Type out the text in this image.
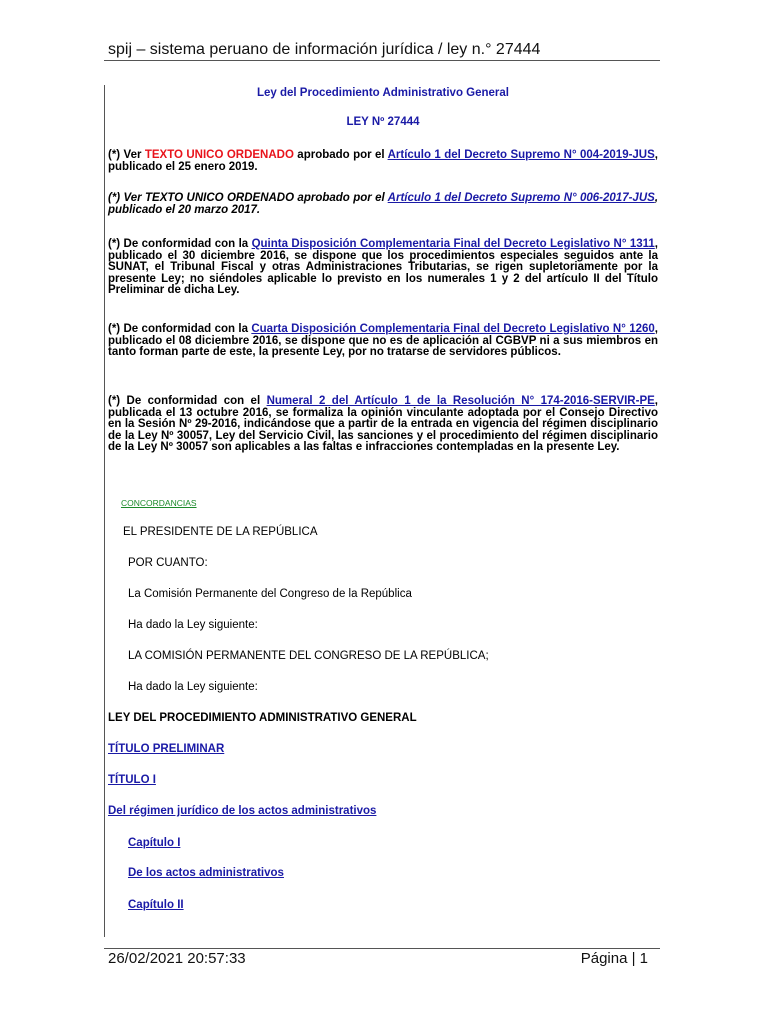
spij – sistema peruano de información jurídica / ley n.° 27444
Ley del Procedimiento Administrativo General
LEY Nº 27444
(*) Ver TEXTO UNICO ORDENADO aprobado por el Artículo 1 del Decreto Supremo N° 004-2019-JUS, publicado el 25 enero 2019.
(*) Ver TEXTO UNICO ORDENADO aprobado por el Artículo 1 del Decreto Supremo N° 006-2017-JUS, publicado el 20 marzo 2017.
(*) De conformidad con la Quinta Disposición Complementaria Final del Decreto Legislativo N° 1311, publicado el 30 diciembre 2016, se dispone que los procedimientos especiales seguidos ante la SUNAT, el Tribunal Fiscal y otras Administraciones Tributarias, se rigen supletoriamente por la presente Ley; no siéndoles aplicable lo previsto en los numerales 1 y 2 del artículo II del Título Preliminar de dicha Ley.
(*) De conformidad con la Cuarta Disposición Complementaria Final del Decreto Legislativo N° 1260, publicado el 08 diciembre 2016, se dispone que no es de aplicación al CGBVP ni a sus miembros en tanto forman parte de este, la presente Ley, por no tratarse de servidores públicos.
(*) De conformidad con el Numeral 2 del Artículo 1 de la Resolución N° 174-2016-SERVIR-PE, publicada el 13 octubre 2016, se formaliza la opinión vinculante adoptada por el Consejo Directivo en la Sesión Nº 29-2016, indicándose que a partir de la entrada en vigencia del régimen disciplinario de la Ley Nº 30057, Ley del Servicio Civil, las sanciones y el procedimiento del régimen disciplinario de la Ley Nº 30057 son aplicables a las faltas e infracciones contempladas en la presente Ley.
CONCORDANCIAS
EL PRESIDENTE DE LA REPÚBLICA
POR CUANTO:
La Comisión Permanente del Congreso de la República
Ha dado la Ley siguiente:
LA COMISIÓN PERMANENTE DEL CONGRESO DE LA REPÚBLICA;
Ha dado la Ley siguiente:
LEY DEL PROCEDIMIENTO ADMINISTRATIVO GENERAL
TÍTULO PRELIMINAR
TÍTULO I
Del régimen jurídico de los actos administrativos
Capítulo I
De los actos administrativos
Capítulo II
26/02/2021 20:57:33	Página | 1
